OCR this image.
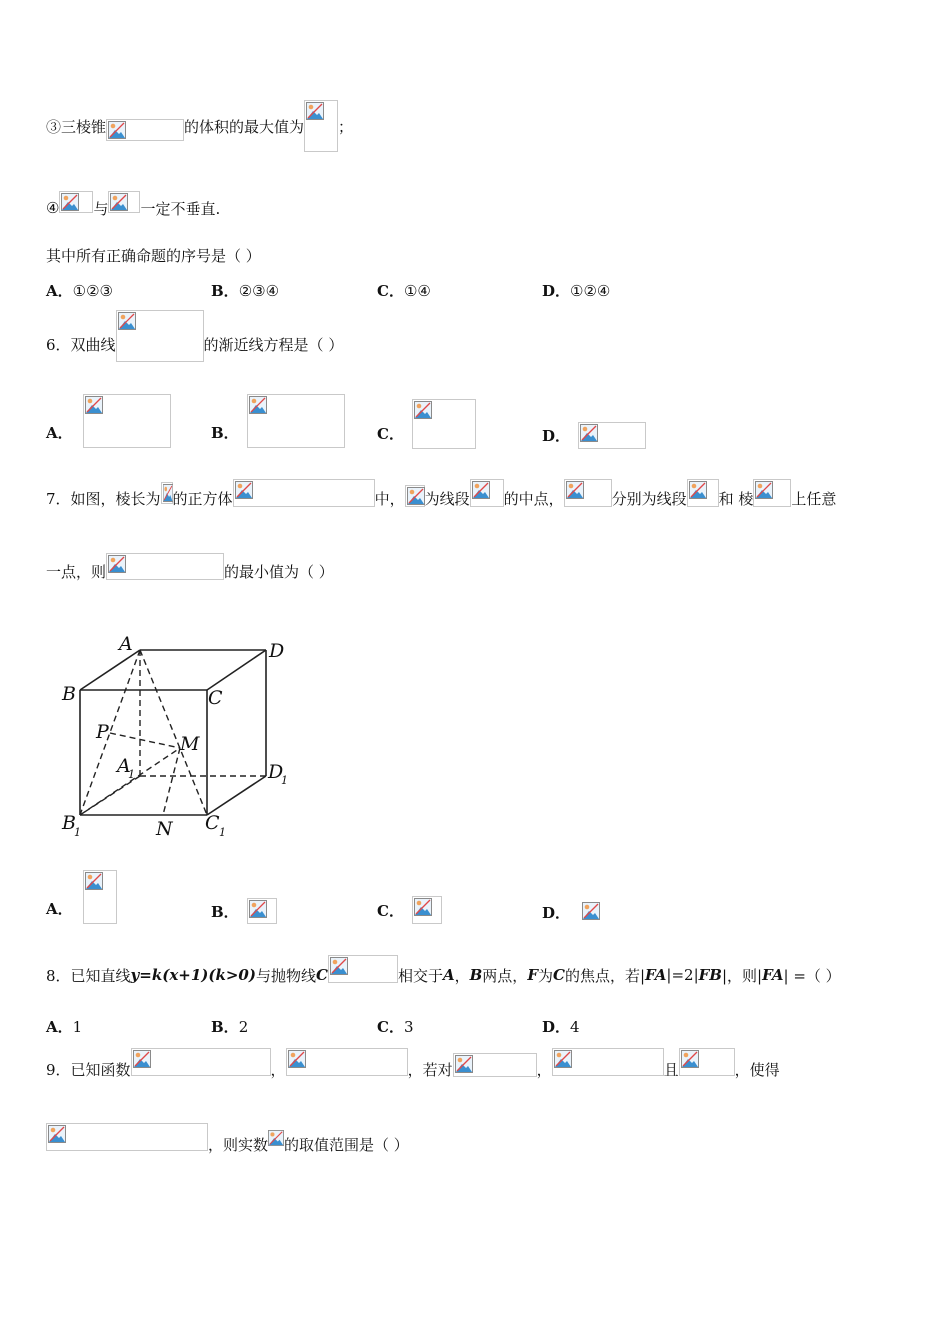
③三棱锥	的体积的最大值为 ；
④ 与 一定不垂直.
其中所有正确命题的序号是（ ）
A． ①②③	B． ②③④	C． ①④	D． ①②④
6．双曲线	的渐近线方程是（ ）
A．	B．	C．	D．
7．如图，棱长为 的正方体	中， 为线段 的中点，	分别为线段 和 棱	上任意
一点，则	的最小值为（ ）
A
B	C
D
A
1
B
1	C 1
D
1
P
M
N
A．	B．	C．	D．
8．已知直线 y=k(x+1)(k>0) 与抛物线 C	相交于 A ， B 两点， F 为 C 的焦点，若| FA |=2| FB |，则| FA | =（ ）
A． 1	B． 2	C． 3	D． 4
9．已知函数	，	，若对	，	且	，使得
，则实数 的取值范围是（ ）
